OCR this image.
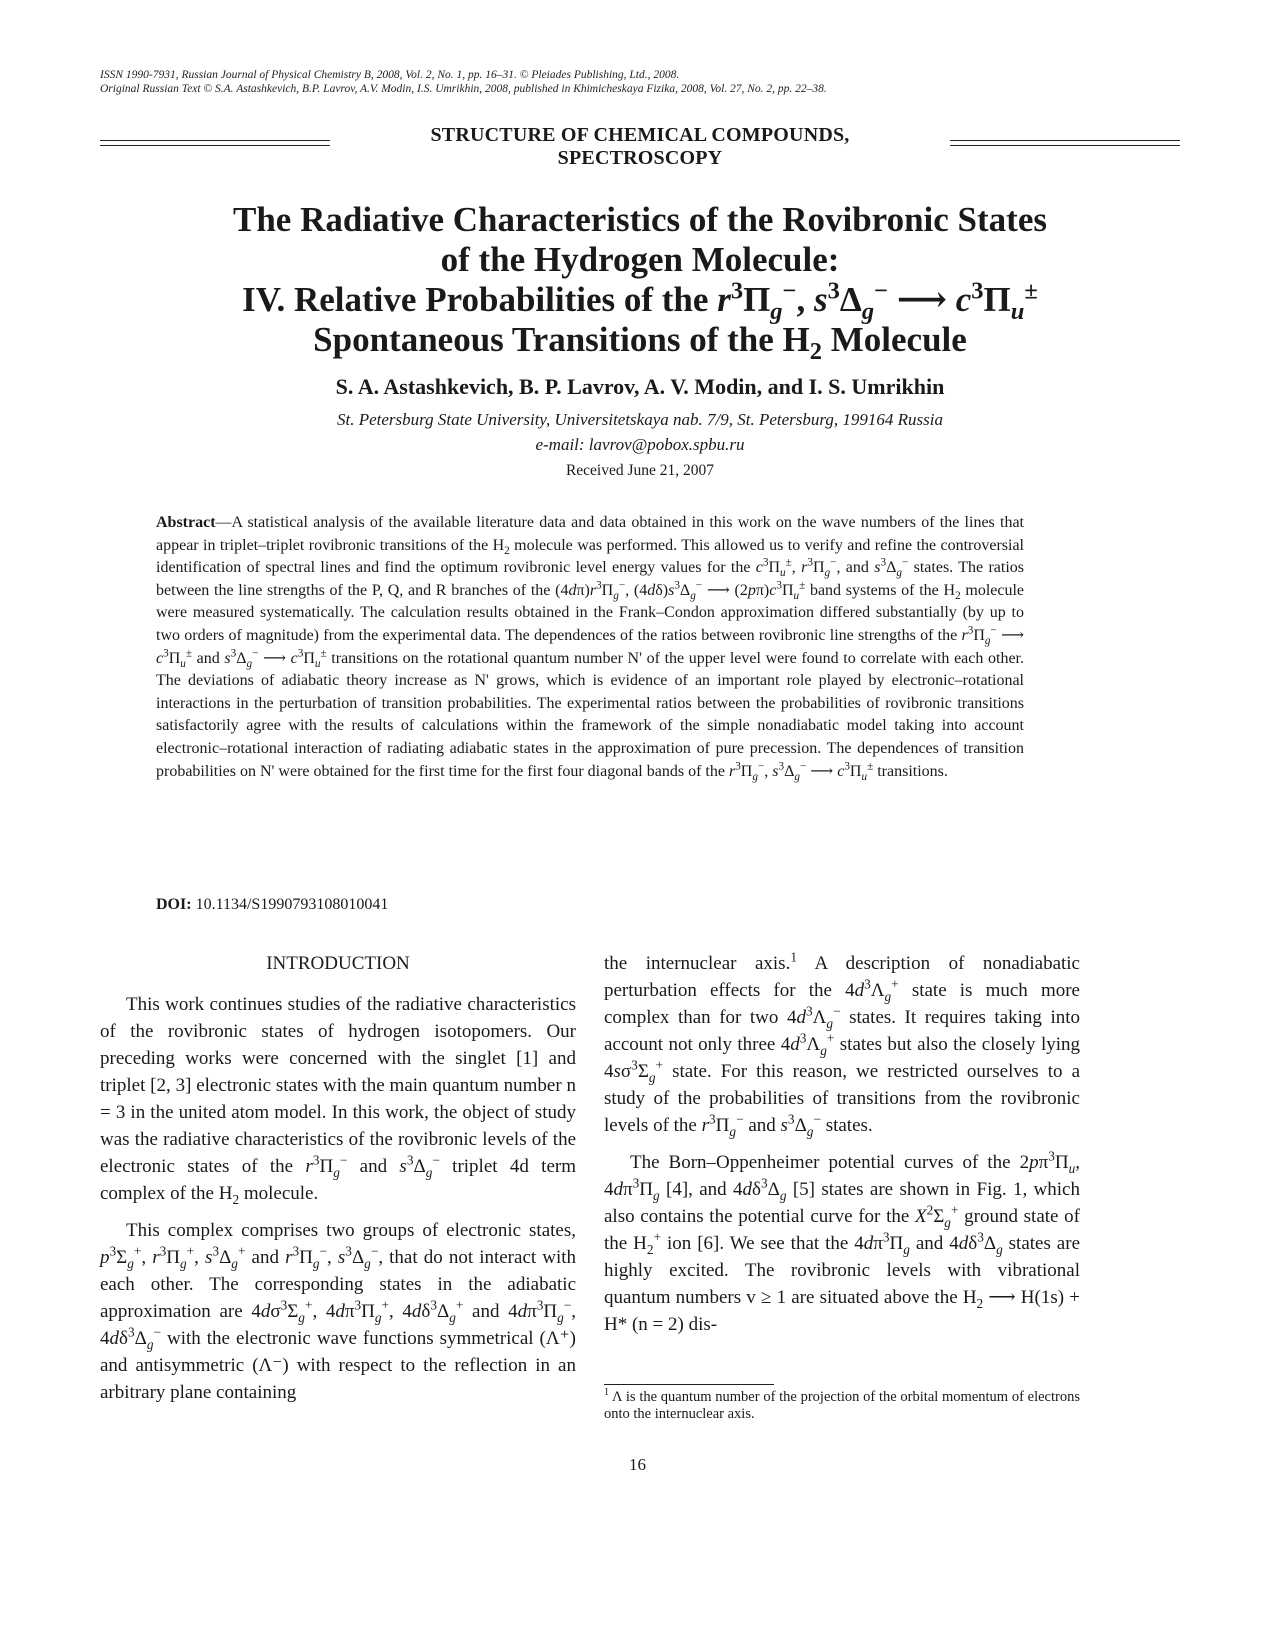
ISSN 1990-7931, Russian Journal of Physical Chemistry B, 2008, Vol. 2, No. 1, pp. 16–31. © Pleiades Publishing, Ltd., 2008.
Original Russian Text © S.A. Astashkevich, B.P. Lavrov, A.V. Modin, I.S. Umrikhin, 2008, published in Khimicheskaya Fizika, 2008, Vol. 27, No. 2, pp. 22–38.
STRUCTURE OF CHEMICAL COMPOUNDS,
SPECTROSCOPY
The Radiative Characteristics of the Rovibronic States
of the Hydrogen Molecule:
IV. Relative Probabilities of the $r^3\Pi_g^-$, $s^3\Delta_g^-$ ⟶ $c^3\Pi_u^\pm$
Spontaneous Transitions of the $H_2$ Molecule
S. A. Astashkevich, B. P. Lavrov, A. V. Modin, and I. S. Umrikhin
St. Petersburg State University, Universitetskaya nab. 7/9, St. Petersburg, 199164 Russia
e-mail: lavrov@pobox.spbu.ru
Received June 21, 2007
Abstract—A statistical analysis of the available literature data and data obtained in this work on the wave numbers of the lines that appear in triplet–triplet rovibronic transitions of the $H_2$ molecule was performed. This allowed us to verify and refine the controversial identification of spectral lines and find the optimum rovibronic level energy values for the $c^3\Pi_u^\pm$, $r^3\Pi_g^-$, and $s^3\Delta_g^-$ states. The ratios between the line strengths of the P, Q, and R branches of the $(4d\pi)r^3\Pi_g^-$, $(4d\delta)s^3\Delta_g^-$ ⟶ $(2p\pi)c^3\Pi_u^\pm$ band systems of the $H_2$ molecule were measured systematically. The calculation results obtained in the Frank–Condon approximation differed substantially (by up to two orders of magnitude) from the experimental data. The dependences of the ratios between rovibronic line strengths of the $r^3\Pi_g^-$ ⟶ $c^3\Pi_u^\pm$ and $s^3\Delta_g^-$ ⟶ $c^3\Pi_u^\pm$ transitions on the rotational quantum number N' of the upper level were found to correlate with each other. The deviations of adiabatic theory increase as N' grows, which is evidence of an important role played by electronic–rotational interactions in the perturbation of transition probabilities. The experimental ratios between the probabilities of rovibronic transitions satisfactorily agree with the results of calculations within the framework of the simple nonadiabatic model taking into account electronic–rotational interaction of radiating adiabatic states in the approximation of pure precession. The dependences of transition probabilities on N' were obtained for the first time for the first four diagonal bands of the $r^3\Pi_g^-$, $s^3\Delta_g^-$ ⟶ $c^3\Pi_u^\pm$ transitions.
DOI: 10.1134/S1990793108010041
INTRODUCTION

This work continues studies of the radiative characteristics of the rovibronic states of hydrogen isotopomers. Our preceding works were concerned with the singlet [1] and triplet [2, 3] electronic states with the main quantum number n = 3 in the united atom model. In this work, the object of study was the radiative characteristics of the rovibronic levels of the electronic states of the $r^3\Pi_g^-$ and $s^3\Delta_g^-$ triplet 4d term complex of the $H_2$ molecule.

This complex comprises two groups of electronic states, $p^3\Sigma_g^+$, $r^3\Pi_g^+$, $s^3\Delta_g^+$ and $r^3\Pi_g^-$, $s^3\Delta_g^-$, that do not interact with each other. The corresponding states in the adiabatic approximation are $4d\sigma^3\Sigma_g^+$, $4d\pi^3\Pi_g^+$, $4d\delta^3\Delta_g^+$ and $4d\pi^3\Pi_g^-$, $4d\delta^3\Delta_g^-$ with the electronic wave functions symmetrical (Λ⁺) and antisymmetric (Λ⁻) with respect to the reflection in an arbitrary plane containing

the internuclear axis.$^1$ A description of nonadiabatic perturbation effects for the $4d^3\Lambda_g^+$ state is much more complex than for two $4d^3\Lambda_g^-$ states. It requires taking into account not only three $4d^3\Lambda_g^+$ states but also the closely lying $4s\sigma^3\Sigma_g^+$ state. For this reason, we restricted ourselves to a study of the probabilities of transitions from the rovibronic levels of the $r^3\Pi_g^-$ and $s^3\Delta_g^-$ states.

The Born–Oppenheimer potential curves of the $2p\pi^3\Pi_u$, $4d\pi^3\Pi_g$ [4], and $4d\delta^3\Delta_g$ [5] states are shown in Fig. 1, which also contains the potential curve for the $X^2\Sigma_g^+$ ground state of the $H_2^+$ ion [6]. We see that the $4d\pi^3\Pi_g$ and $4d\delta^3\Delta_g$ states are highly excited. The rovibronic levels with vibrational quantum numbers v ≥ 1 are situated above the $H_2$ ⟶ H(1s) + H* (n = 2) dis-

$^1$ Λ is the quantum number of the projection of the orbital momentum of electrons onto the internuclear axis.
16
